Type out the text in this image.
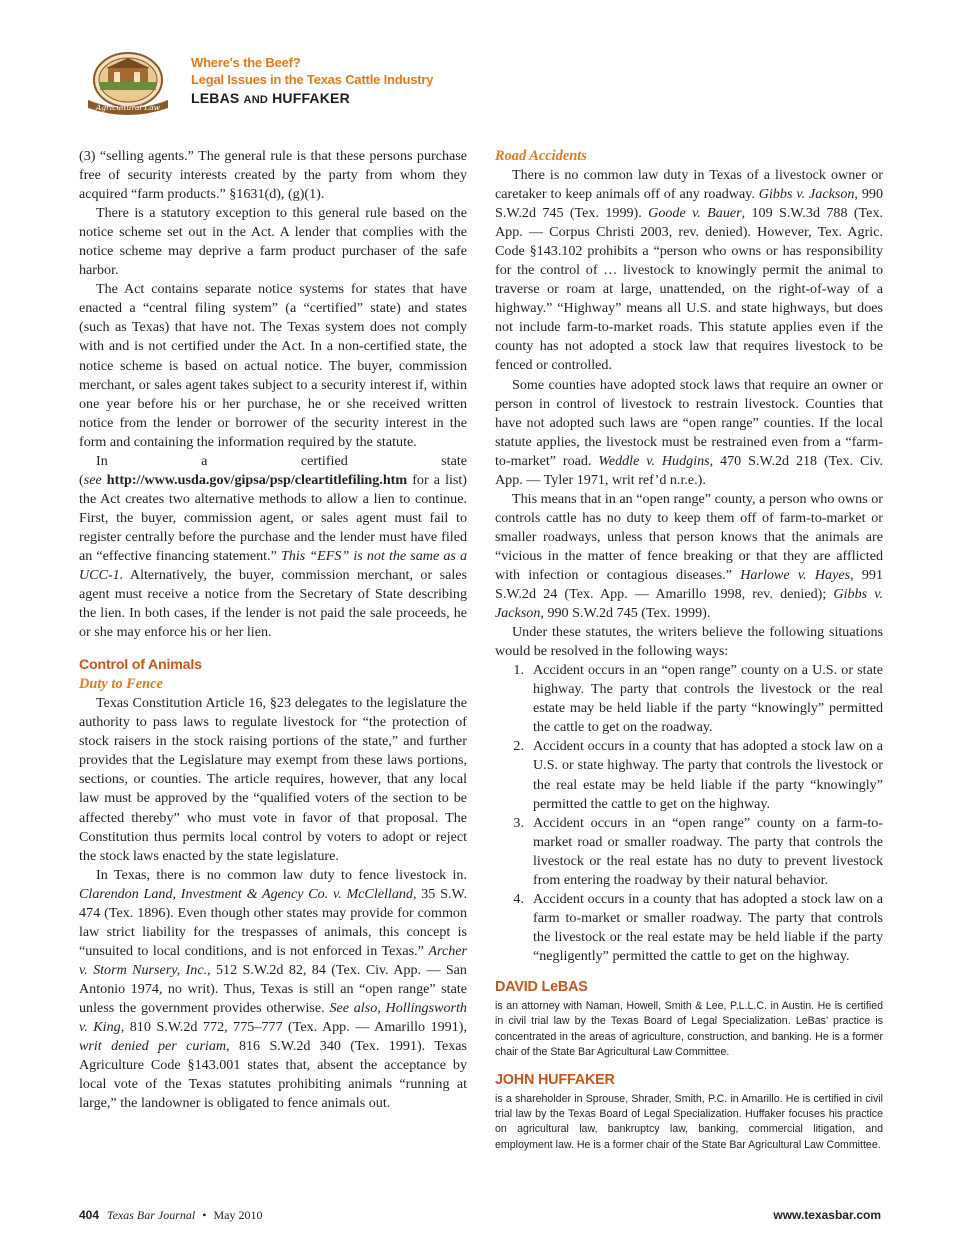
Agricultural Law
Where's the Beef?
Legal Issues in the Texas Cattle Industry
LEBAS AND HUFFAKER

(3) “selling agents.” The general rule is that these persons purchase free of security interests created by the party from whom they acquired “farm products.” §1631(d), (g)(1).

There is a statutory exception to this general rule based on the notice scheme set out in the Act. A lender that complies with the notice scheme may deprive a farm product purchaser of the safe harbor.

The Act contains separate notice systems for states that have enacted a “central filing system” (a “certified” state) and states (such as Texas) that have not. The Texas system does not comply with and is not certified under the Act. In a non-certified state, the notice scheme is based on actual notice. The buyer, commission merchant, or sales agent takes subject to a security interest if, within one year before his or her purchase, he or she received written notice from the lender or borrower of the security interest in the form and containing the information required by the statute.

In a certified state (see http://www.usda.gov/gipsa/psp/cleartitlefiling.htm for a list) the Act creates two alternative methods to allow a lien to continue. First, the buyer, commission agent, or sales agent must fail to register centrally before the purchase and the lender must have filed an “effective financing statement.” This “EFS” is not the same as a UCC-1. Alternatively, the buyer, commission merchant, or sales agent must receive a notice from the Secretary of State describing the lien. In both cases, if the lender is not paid the sale proceeds, he or she may enforce his or her lien.

Control of Animals
Duty to Fence

Texas Constitution Article 16, §23 delegates to the legislature the authority to pass laws to regulate livestock for “the protection of stock raisers in the stock raising portions of the state,” and further provides that the Legislature may exempt from these laws portions, sections, or counties. The article requires, however, that any local law must be approved by the “qualified voters of the section to be affected thereby” who must vote in favor of that proposal. The Constitution thus permits local control by voters to adopt or reject the stock laws enacted by the state legislature.

In Texas, there is no common law duty to fence livestock in. Clarendon Land, Investment & Agency Co. v. McClelland, 35 S.W. 474 (Tex. 1896). Even though other states may provide for common law strict liability for the trespasses of animals, this concept is “unsuited to local conditions, and is not enforced in Texas.” Archer v. Storm Nursery, Inc., 512 S.W.2d 82, 84 (Tex. Civ. App. — San Antonio 1974, no writ). Thus, Texas is still an “open range” state unless the government provides otherwise. See also, Hollingsworth v. King, 810 S.W.2d 772, 775–777 (Tex. App. — Amarillo 1991), writ denied per curiam, 816 S.W.2d 340 (Tex. 1991). Texas Agriculture Code §143.001 states that, absent the acceptance by local vote of the Texas statutes prohibiting animals “running at large,” the landowner is obligated to fence animals out.

Road Accidents

There is no common law duty in Texas of a livestock owner or caretaker to keep animals off of any roadway. Gibbs v. Jackson, 990 S.W.2d 745 (Tex. 1999). Goode v. Bauer, 109 S.W.3d 788 (Tex. App. — Corpus Christi 2003, rev. denied). However, Tex. Agric. Code §143.102 prohibits a “person who owns or has responsibility for the control of … livestock to knowingly permit the animal to traverse or roam at large, unattended, on the right-of-way of a highway.” “Highway” means all U.S. and state highways, but does not include farm-to-market roads. This statute applies even if the county has not adopted a stock law that requires livestock to be fenced or controlled.

Some counties have adopted stock laws that require an owner or person in control of livestock to restrain livestock. Counties that have not adopted such laws are “open range” counties. If the local statute applies, the livestock must be restrained even from a “farm-to-market” road. Weddle v. Hudgins, 470 S.W.2d 218 (Tex. Civ. App. — Tyler 1971, writ ref’d n.r.e.).

This means that in an “open range” county, a person who owns or controls cattle has no duty to keep them off of farm-to-market or smaller roadways, unless that person knows that the animals are “vicious in the matter of fence breaking or that they are afflicted with infection or contagious diseases.” Harlowe v. Hayes, 991 S.W.2d 24 (Tex. App. — Amarillo 1998, rev. denied); Gibbs v. Jackson, 990 S.W.2d 745 (Tex. 1999).

Under these statutes, the writers believe the following situations would be resolved in the following ways:

1. Accident occurs in an “open range” county on a U.S. or state highway. The party that controls the livestock or the real estate may be held liable if the party “knowingly” permitted the cattle to get on the roadway.
2. Accident occurs in a county that has adopted a stock law on a U.S. or state highway. The party that controls the livestock or the real estate may be held liable if the party “knowingly” permitted the cattle to get on the highway.
3. Accident occurs in an “open range” county on a farm-to-market road or smaller roadway. The party that controls the livestock or the real estate has no duty to prevent livestock from entering the roadway by their natural behavior.
4. Accident occurs in a county that has adopted a stock law on a farm to-market or smaller roadway. The party that controls the livestock or the real estate may be held liable if the party “negligently” permitted the cattle to get on the highway.
DAVID LeBAS
is an attorney with Naman, Howell, Smith & Lee, P.L.L.C. in Austin. He is certified in civil trial law by the Texas Board of Legal Specialization. LeBas’ practice is concentrated in the areas of agriculture, construction, and banking. He is a former chair of the State Bar Agricultural Law Committee.
JOHN HUFFAKER
is a shareholder in Sprouse, Shrader, Smith, P.C. in Amarillo. He is certified in civil trial law by the Texas Board of Legal Specialization. Huffaker focuses his practice on agricultural law, bankruptcy law, banking, commercial litigation, and employment law. He is a former chair of the State Bar Agricultural Law Committee.
404 Texas Bar Journal • May 2010	www.texasbar.com
